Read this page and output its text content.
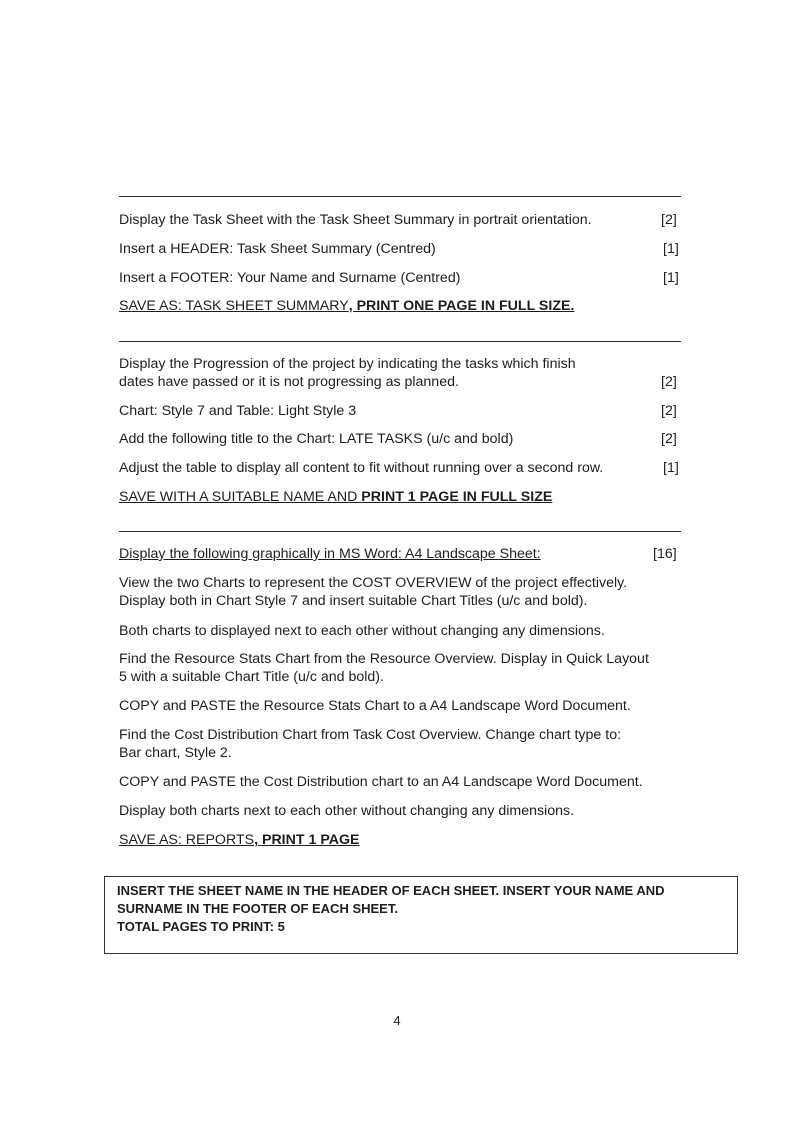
Display the Task Sheet with the Task Sheet Summary in portrait orientation.	[2]
Insert a HEADER: Task Sheet Summary (Centred)	[1]
Insert a FOOTER: Your Name and Surname (Centred)	[1]
SAVE AS: TASK SHEET SUMMARY, PRINT ONE PAGE IN FULL SIZE.
Display the Progression of the project by indicating the tasks which finish
dates have passed or it is not progressing as planned.	[2]
Chart: Style 7 and Table: Light Style 3	[2]
Add the following title to the Chart: LATE TASKS (u/c and bold)	[2]
Adjust the table to display all content to fit without running over a second row.	[1]
SAVE WITH A SUITABLE NAME AND PRINT 1 PAGE IN FULL SIZE
Display the following graphically in MS Word: A4 Landscape Sheet:	[16]
View the two Charts to represent the COST OVERVIEW of the project effectively.
Display both in Chart Style 7 and insert suitable Chart Titles (u/c and bold).
Both charts to displayed next to each other without changing any dimensions.
Find the Resource Stats Chart from the Resource Overview. Display in Quick Layout
5 with a suitable Chart Title (u/c and bold).
COPY and PASTE the Resource Stats Chart to a A4 Landscape Word Document.
Find the Cost Distribution Chart from Task Cost Overview. Change chart type to:
Bar chart, Style 2.
COPY and PASTE the Cost Distribution chart to an A4 Landscape Word Document.
Display both charts next to each other without changing any dimensions.
SAVE AS: REPORTS, PRINT 1 PAGE
INSERT THE SHEET NAME IN THE HEADER OF EACH SHEET. INSERT YOUR NAME AND
SURNAME IN THE FOOTER OF EACH SHEET.
TOTAL PAGES TO PRINT: 5
4
